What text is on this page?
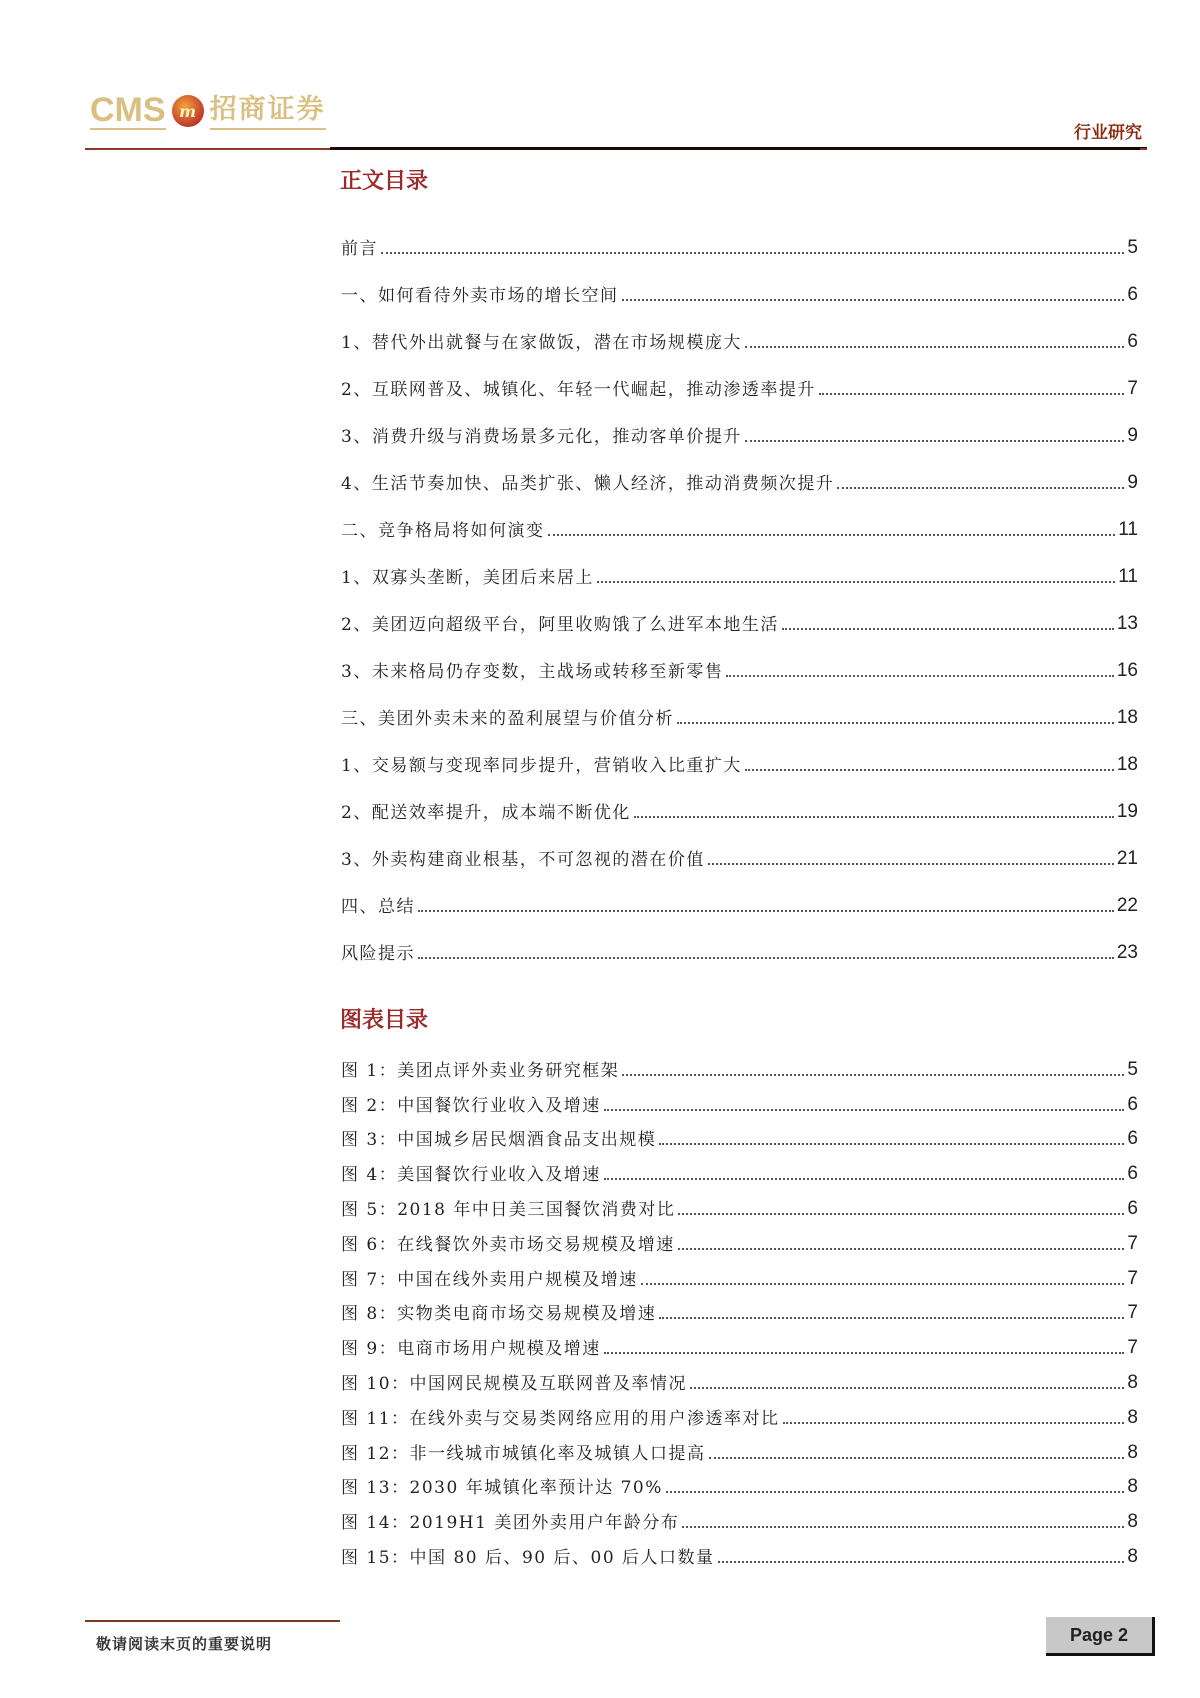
CMS m 招商证券
行业研究
正文目录
前言	5
一、如何看待外卖市场的增长空间	6
1、替代外出就餐与在家做饭，潜在市场规模庞大	6
2、互联网普及、城镇化、年轻一代崛起，推动渗透率提升	7
3、消费升级与消费场景多元化，推动客单价提升	9
4、生活节奏加快、品类扩张、懒人经济，推动消费频次提升	9
二、竞争格局将如何演变	11
1、双寡头垄断，美团后来居上	11
2、美团迈向超级平台，阿里收购饿了么进军本地生活	13
3、未来格局仍存变数，主战场或转移至新零售	16
三、美团外卖未来的盈利展望与价值分析	18
1、交易额与变现率同步提升，营销收入比重扩大	18
2、配送效率提升，成本端不断优化	19
3、外卖构建商业根基，不可忽视的潜在价值	21
四、总结	22
风险提示	23
图表目录
图 1：美团点评外卖业务研究框架	5
图 2：中国餐饮行业收入及增速	6
图 3：中国城乡居民烟酒食品支出规模	6
图 4：美国餐饮行业收入及增速	6
图 5：2018 年中日美三国餐饮消费对比	6
图 6：在线餐饮外卖市场交易规模及增速	7
图 7：中国在线外卖用户规模及增速	7
图 8：实物类电商市场交易规模及增速	7
图 9：电商市场用户规模及增速	7
图 10：中国网民规模及互联网普及率情况	8
图 11：在线外卖与交易类网络应用的用户渗透率对比	8
图 12：非一线城市城镇化率及城镇人口提高	8
图 13：2030 年城镇化率预计达 70%	8
图 14：2019H1 美团外卖用户年龄分布	8
图 15：中国 80 后、90 后、00 后人口数量	8
敬请阅读末页的重要说明	Page 2
